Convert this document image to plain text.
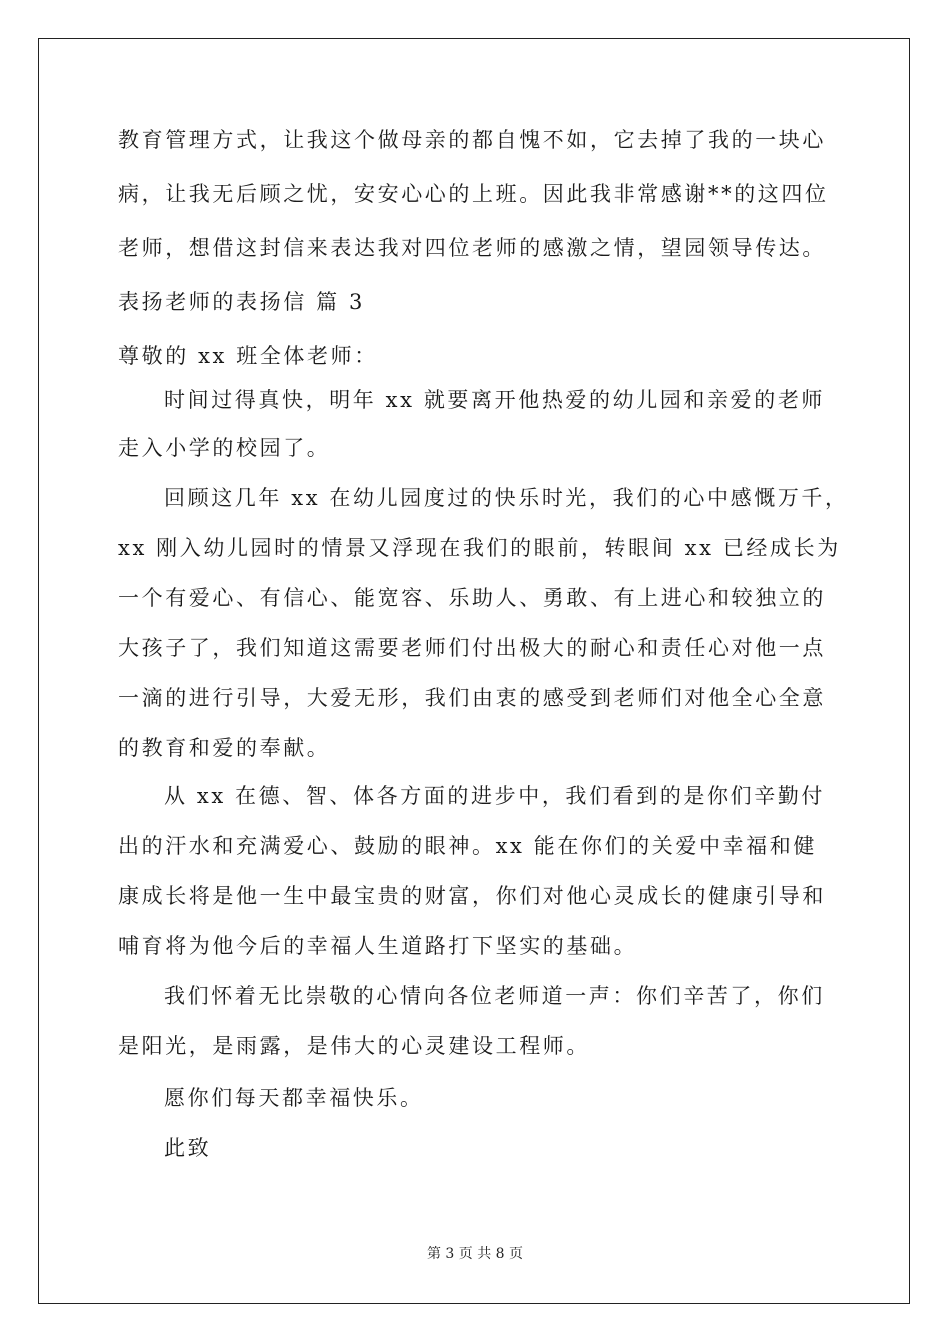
教育管理方式，让我这个做母亲的都自愧不如，它去掉了我的一块心
病，让我无后顾之忧，安安心心的上班。因此我非常感谢**的这四位
老师，想借这封信来表达我对四位老师的感激之情，望园领导传达。
表扬老师的表扬信 篇 3
尊敬的 xx 班全体老师：
时间过得真快，明年 xx 就要离开他热爱的幼儿园和亲爱的老师
走入小学的校园了。
回顾这几年 xx 在幼儿园度过的快乐时光，我们的心中感慨万千，
xx 刚入幼儿园时的情景又浮现在我们的眼前，转眼间 xx 已经成长为
一个有爱心、有信心、能宽容、乐助人、勇敢、有上进心和较独立的
大孩子了，我们知道这需要老师们付出极大的耐心和责任心对他一点
一滴的进行引导，大爱无形，我们由衷的感受到老师们对他全心全意
的教育和爱的奉献。
从 xx 在德、智、体各方面的进步中，我们看到的是你们辛勤付
出的汗水和充满爱心、鼓励的眼神。xx 能在你们的关爱中幸福和健
康成长将是他一生中最宝贵的财富，你们对他心灵成长的健康引导和
哺育将为他今后的幸福人生道路打下坚实的基础。
我们怀着无比崇敬的心情向各位老师道一声：你们辛苦了，你们
是阳光，是雨露，是伟大的心灵建设工程师。
愿你们每天都幸福快乐。
此致
第 3 页 共 8 页
